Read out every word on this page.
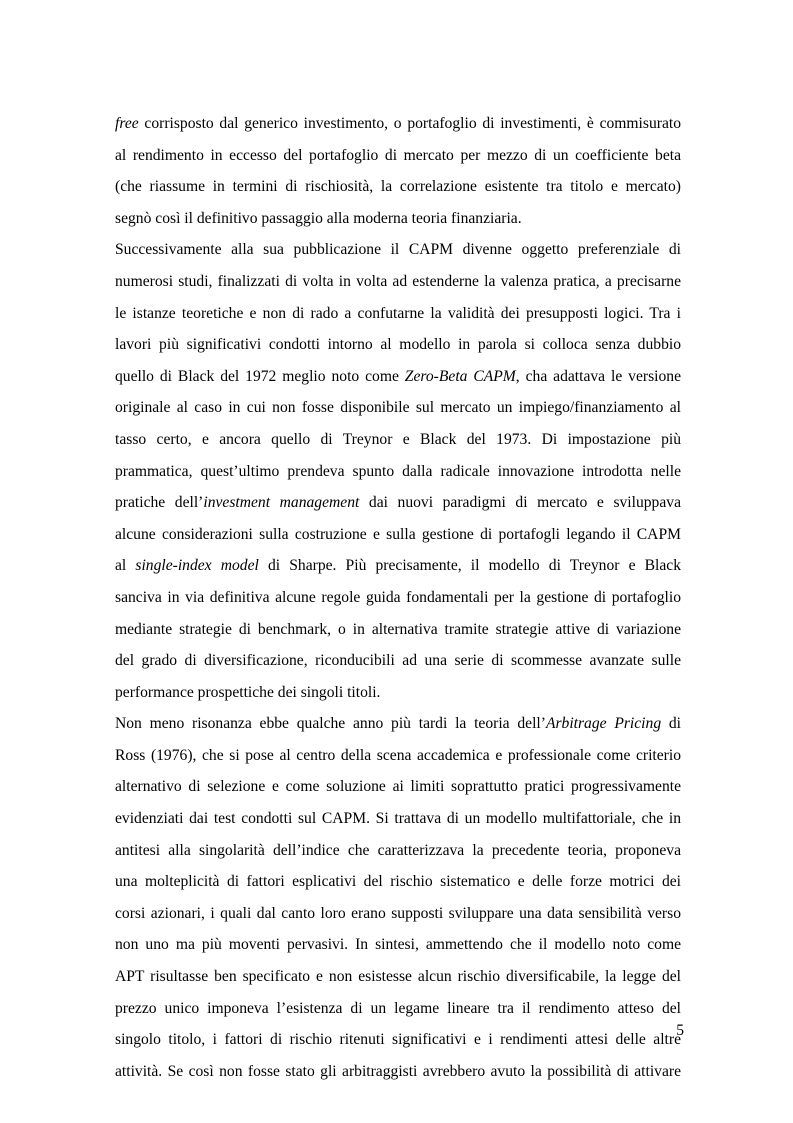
free corrisposto dal generico investimento, o portafoglio di investimenti, è commisurato
al rendimento in eccesso del portafoglio di mercato per mezzo di un coefficiente beta
(che riassume in termini di rischiosità, la correlazione esistente tra titolo e mercato)
segnò così il definitivo passaggio alla moderna teoria finanziaria.
Successivamente alla sua pubblicazione il CAPM divenne oggetto preferenziale di
numerosi studi, finalizzati di volta in volta ad estenderne la valenza pratica, a precisarne
le istanze teoretiche e non di rado a confutarne la validità dei presupposti logici. Tra i
lavori più significativi condotti intorno al modello in parola si colloca senza dubbio
quello di Black del 1972 meglio noto come Zero-Beta CAPM, cha adattava le versione
originale al caso in cui non fosse disponibile sul mercato un impiego/finanziamento al
tasso certo, e ancora quello di Treynor e Black del 1973. Di impostazione più
prammatica, quest’ultimo prendeva spunto dalla radicale innovazione introdotta nelle
pratiche dell’investment management dai nuovi paradigmi di mercato e sviluppava
alcune considerazioni sulla costruzione e sulla gestione di portafogli legando il CAPM
al single-index model di Sharpe. Più precisamente, il modello di Treynor e Black
sanciva in via definitiva alcune regole guida fondamentali per la gestione di portafoglio
mediante strategie di benchmark, o in alternativa tramite strategie attive di variazione
del grado di diversificazione, riconducibili ad una serie di scommesse avanzate sulle
performance prospettiche dei singoli titoli.
Non meno risonanza ebbe qualche anno più tardi la teoria dell’Arbitrage Pricing di
Ross (1976), che si pose al centro della scena accademica e professionale come criterio
alternativo di selezione e come soluzione ai limiti soprattutto pratici progressivamente
evidenziati dai test condotti sul CAPM. Si trattava di un modello multifattoriale, che in
antitesi alla singolarità dell’indice che caratterizzava la precedente teoria, proponeva
una molteplicità di fattori esplicativi del rischio sistematico e delle forze motrici dei
corsi azionari, i quali dal canto loro erano supposti sviluppare una data sensibilità verso
non uno ma più moventi pervasivi. In sintesi, ammettendo che il modello noto come
APT risultasse ben specificato e non esistesse alcun rischio diversificabile, la legge del
prezzo unico imponeva l’esistenza di un legame lineare tra il rendimento atteso del
singolo titolo, i fattori di rischio ritenuti significativi e i rendimenti attesi delle altre
attività. Se così non fosse stato gli arbitraggisti avrebbero avuto la possibilità di attivare
5
